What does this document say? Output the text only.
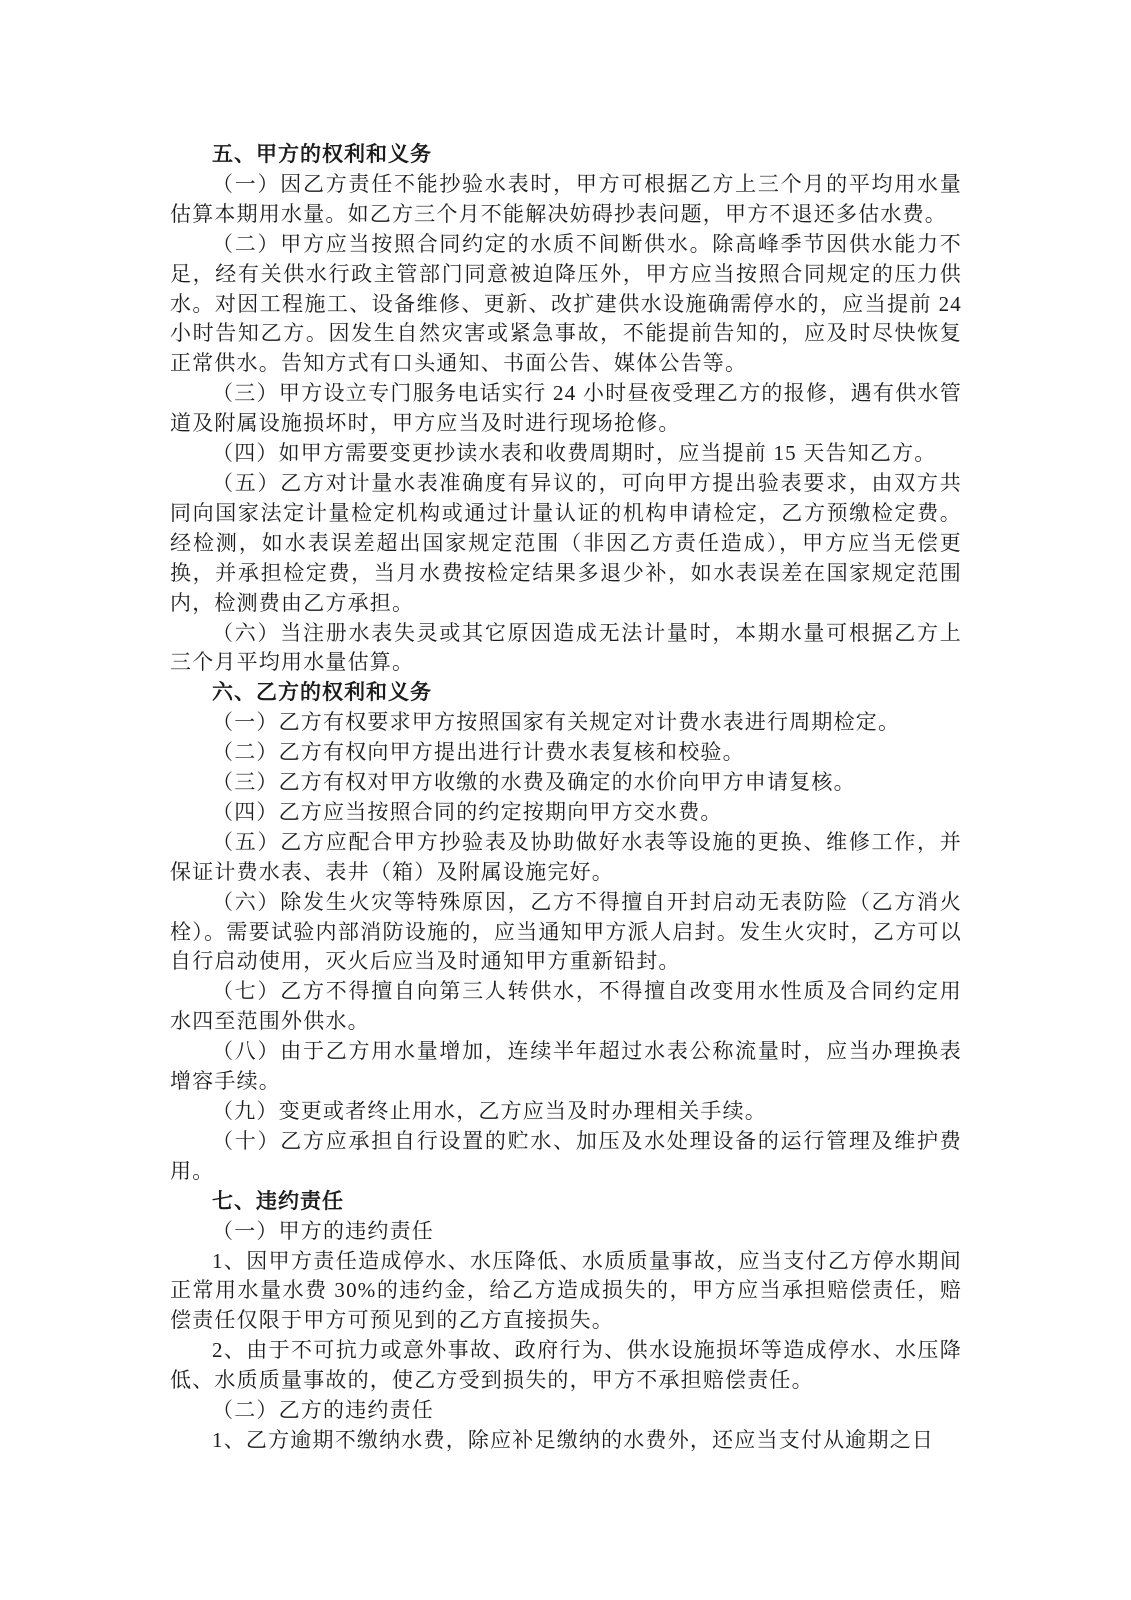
五、甲方的权利和义务

（一）因乙方责任不能抄验水表时，甲方可根据乙方上三个月的平均用水量估算本期用水量。如乙方三个月不能解决妨碍抄表问题，甲方不退还多估水费。

（二）甲方应当按照合同约定的水质不间断供水。除高峰季节因供水能力不足，经有关供水行政主管部门同意被迫降压外，甲方应当按照合同规定的压力供水。对因工程施工、设备维修、更新、改扩建供水设施确需停水的，应当提前 24 小时告知乙方。因发生自然灾害或紧急事故，不能提前告知的，应及时尽快恢复正常供水。告知方式有口头通知、书面公告、媒体公告等。

（三）甲方设立专门服务电话实行 24 小时昼夜受理乙方的报修，遇有供水管道及附属设施损坏时，甲方应当及时进行现场抢修。

（四）如甲方需要变更抄读水表和收费周期时，应当提前 15 天告知乙方。

（五）乙方对计量水表准确度有异议的，可向甲方提出验表要求，由双方共同向国家法定计量检定机构或通过计量认证的机构申请检定，乙方预缴检定费。经检测，如水表误差超出国家规定范围（非因乙方责任造成），甲方应当无偿更换，并承担检定费，当月水费按检定结果多退少补，如水表误差在国家规定范围内，检测费由乙方承担。

（六）当注册水表失灵或其它原因造成无法计量时，本期水量可根据乙方上三个月平均用水量估算。

六、乙方的权利和义务

（一）乙方有权要求甲方按照国家有关规定对计费水表进行周期检定。

（二）乙方有权向甲方提出进行计费水表复核和校验。

（三）乙方有权对甲方收缴的水费及确定的水价向甲方申请复核。

（四）乙方应当按照合同的约定按期向甲方交水费。

（五）乙方应配合甲方抄验表及协助做好水表等设施的更换、维修工作，并保证计费水表、表井（箱）及附属设施完好。

（六）除发生火灾等特殊原因，乙方不得擅自开封启动无表防险（乙方消火栓）。需要试验内部消防设施的，应当通知甲方派人启封。发生火灾时，乙方可以自行启动使用，灭火后应当及时通知甲方重新铅封。

（七）乙方不得擅自向第三人转供水，不得擅自改变用水性质及合同约定用水四至范围外供水。

（八）由于乙方用水量增加，连续半年超过水表公称流量时，应当办理换表增容手续。

（九）变更或者终止用水，乙方应当及时办理相关手续。

（十）乙方应承担自行设置的贮水、加压及水处理设备的运行管理及维护费用。

七、违约责任

（一）甲方的违约责任

1、因甲方责任造成停水、水压降低、水质质量事故，应当支付乙方停水期间正常用水量水费 30%的违约金，给乙方造成损失的，甲方应当承担赔偿责任，赔偿责任仅限于甲方可预见到的乙方直接损失。

2、由于不可抗力或意外事故、政府行为、供水设施损坏等造成停水、水压降低、水质质量事故的，使乙方受到损失的，甲方不承担赔偿责任。

（二）乙方的违约责任

1、乙方逾期不缴纳水费，除应补足缴纳的水费外，还应当支付从逾期之日
